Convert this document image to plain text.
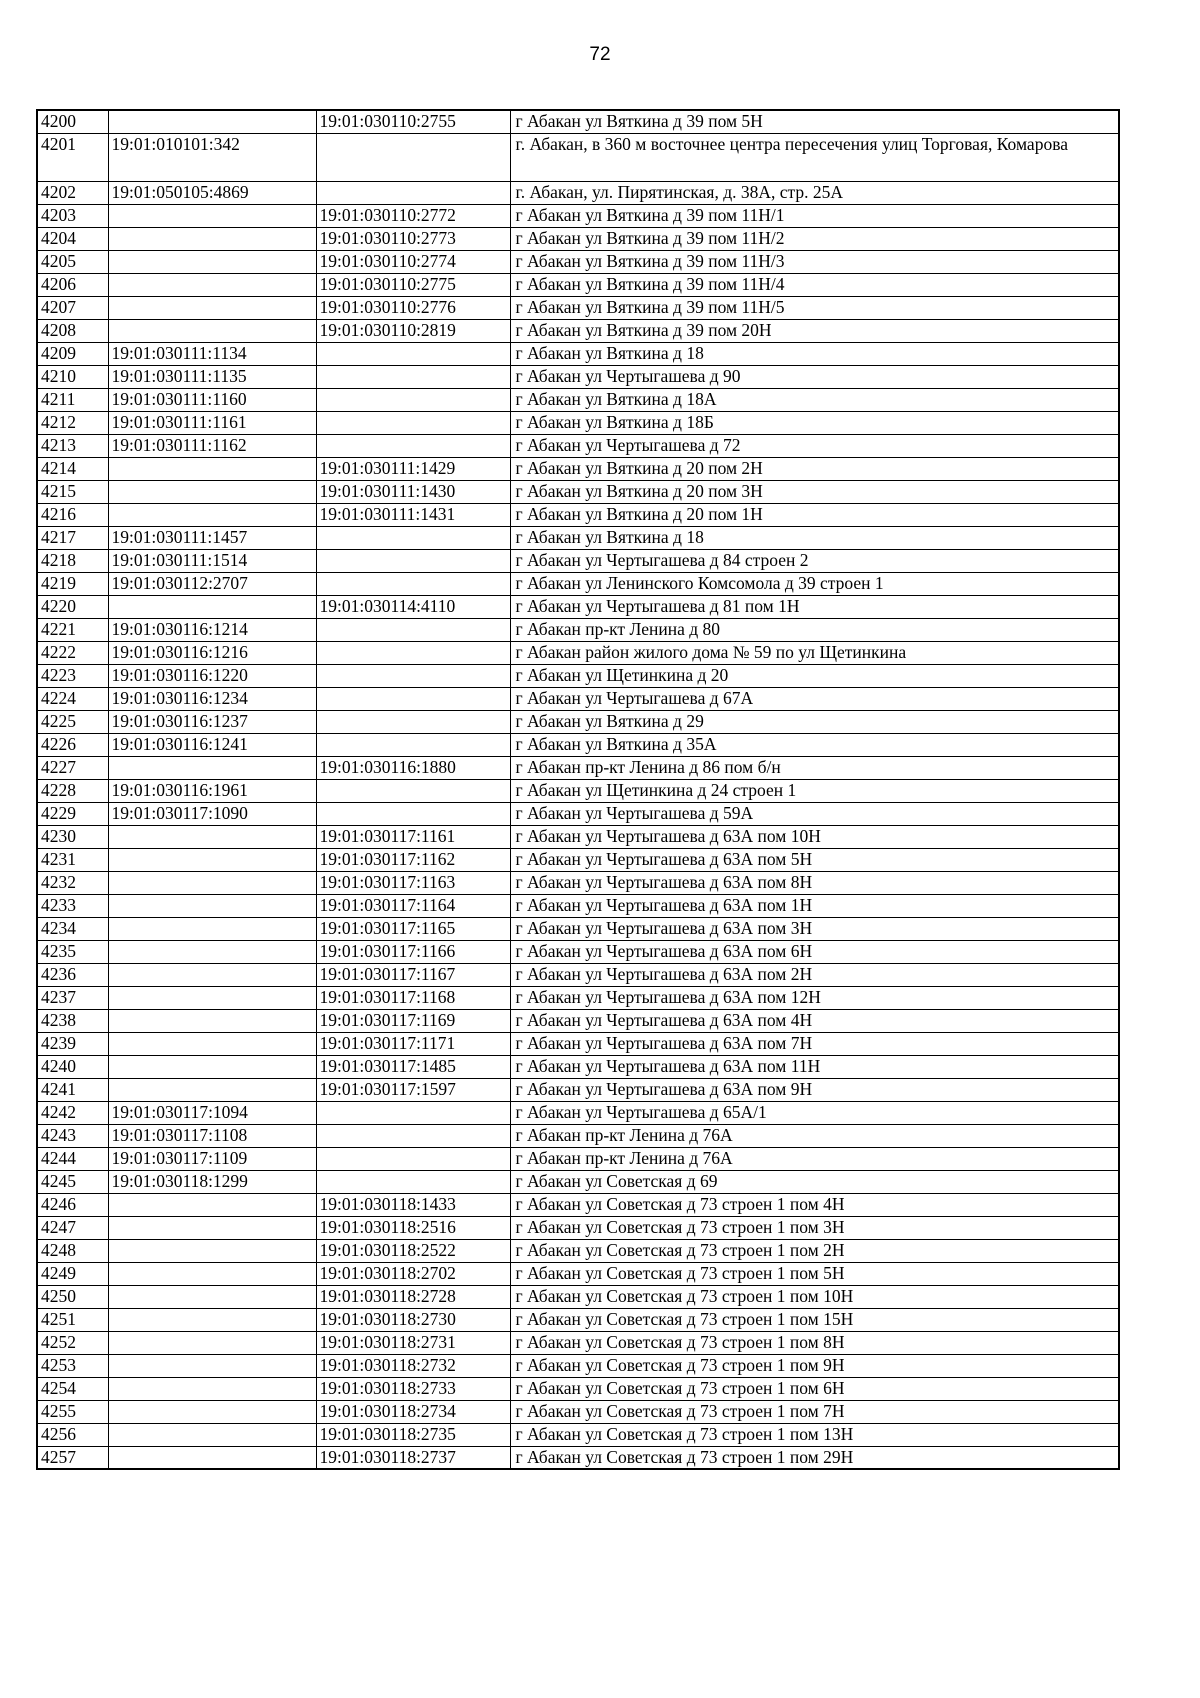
72
4200		19:01:030110:2755	г Абакан ул Вяткина д 39 пом 5Н
4201	19:01:010101:342		г. Абакан, в 360 м восточнее центра пересечения улиц Торговая, Комарова
4202	19:01:050105:4869		г. Абакан, ул. Пирятинская, д. 38А, стр. 25А
4203		19:01:030110:2772	г Абакан ул Вяткина д 39 пом 11Н/1
4204		19:01:030110:2773	г Абакан ул Вяткина д 39 пом 11Н/2
4205		19:01:030110:2774	г Абакан ул Вяткина д 39 пом 11Н/3
4206		19:01:030110:2775	г Абакан ул Вяткина д 39 пом 11Н/4
4207		19:01:030110:2776	г Абакан ул Вяткина д 39 пом 11Н/5
4208		19:01:030110:2819	г Абакан ул Вяткина д 39 пом 20Н
4209	19:01:030111:1134		г Абакан ул Вяткина д 18
4210	19:01:030111:1135		г Абакан ул Чертыгашева д 90
4211	19:01:030111:1160		г Абакан ул Вяткина д 18А
4212	19:01:030111:1161		г Абакан ул Вяткина д 18Б
4213	19:01:030111:1162		г Абакан ул Чертыгашева д 72
4214		19:01:030111:1429	г Абакан ул Вяткина д 20 пом 2Н
4215		19:01:030111:1430	г Абакан ул Вяткина д 20 пом 3Н
4216		19:01:030111:1431	г Абакан ул Вяткина д 20 пом 1Н
4217	19:01:030111:1457		г Абакан ул Вяткина д 18
4218	19:01:030111:1514		г Абакан ул Чертыгашева д 84 строен 2
4219	19:01:030112:2707		г Абакан ул Ленинского Комсомола д 39 строен 1
4220		19:01:030114:4110	г Абакан ул Чертыгашева д 81 пом 1Н
4221	19:01:030116:1214		г Абакан пр-кт Ленина д 80
4222	19:01:030116:1216		г Абакан район жилого дома № 59 по ул Щетинкина
4223	19:01:030116:1220		г Абакан ул Щетинкина д 20
4224	19:01:030116:1234		г Абакан ул Чертыгашева д 67А
4225	19:01:030116:1237		г Абакан ул Вяткина д 29
4226	19:01:030116:1241		г Абакан ул Вяткина д 35А
4227		19:01:030116:1880	г Абакан пр-кт Ленина д 86 пом б/н
4228	19:01:030116:1961		г Абакан ул Щетинкина д 24 строен 1
4229	19:01:030117:1090		г Абакан ул Чертыгашева д 59А
4230		19:01:030117:1161	г Абакан ул Чертыгашева д 63А пом 10Н
4231		19:01:030117:1162	г Абакан ул Чертыгашева д 63А пом 5Н
4232		19:01:030117:1163	г Абакан ул Чертыгашева д 63А пом 8Н
4233		19:01:030117:1164	г Абакан ул Чертыгашева д 63А пом 1Н
4234		19:01:030117:1165	г Абакан ул Чертыгашева д 63А пом 3Н
4235		19:01:030117:1166	г Абакан ул Чертыгашева д 63А пом 6Н
4236		19:01:030117:1167	г Абакан ул Чертыгашева д 63А пом 2Н
4237		19:01:030117:1168	г Абакан ул Чертыгашева д 63А пом 12Н
4238		19:01:030117:1169	г Абакан ул Чертыгашева д 63А пом 4Н
4239		19:01:030117:1171	г Абакан ул Чертыгашева д 63А пом 7Н
4240		19:01:030117:1485	г Абакан ул Чертыгашева д 63А пом 11Н
4241		19:01:030117:1597	г Абакан ул Чертыгашева д 63А пом 9Н
4242	19:01:030117:1094		г Абакан ул Чертыгашева д 65А/1
4243	19:01:030117:1108		г Абакан пр-кт Ленина д 76А
4244	19:01:030117:1109		г Абакан пр-кт Ленина д 76А
4245	19:01:030118:1299		г Абакан ул Советская д 69
4246		19:01:030118:1433	г Абакан ул Советская д 73 строен 1 пом 4Н
4247		19:01:030118:2516	г Абакан ул Советская д 73 строен 1 пом 3Н
4248		19:01:030118:2522	г Абакан ул Советская д 73 строен 1 пом 2Н
4249		19:01:030118:2702	г Абакан ул Советская д 73 строен 1 пом 5Н
4250		19:01:030118:2728	г Абакан ул Советская д 73 строен 1 пом 10Н
4251		19:01:030118:2730	г Абакан ул Советская д 73 строен 1 пом 15Н
4252		19:01:030118:2731	г Абакан ул Советская д 73 строен 1 пом 8Н
4253		19:01:030118:2732	г Абакан ул Советская д 73 строен 1 пом 9Н
4254		19:01:030118:2733	г Абакан ул Советская д 73 строен 1 пом 6Н
4255		19:01:030118:2734	г Абакан ул Советская д 73 строен 1 пом 7Н
4256		19:01:030118:2735	г Абакан ул Советская д 73 строен 1 пом 13Н
4257		19:01:030118:2737	г Абакан ул Советская д 73 строен 1 пом 29Н
